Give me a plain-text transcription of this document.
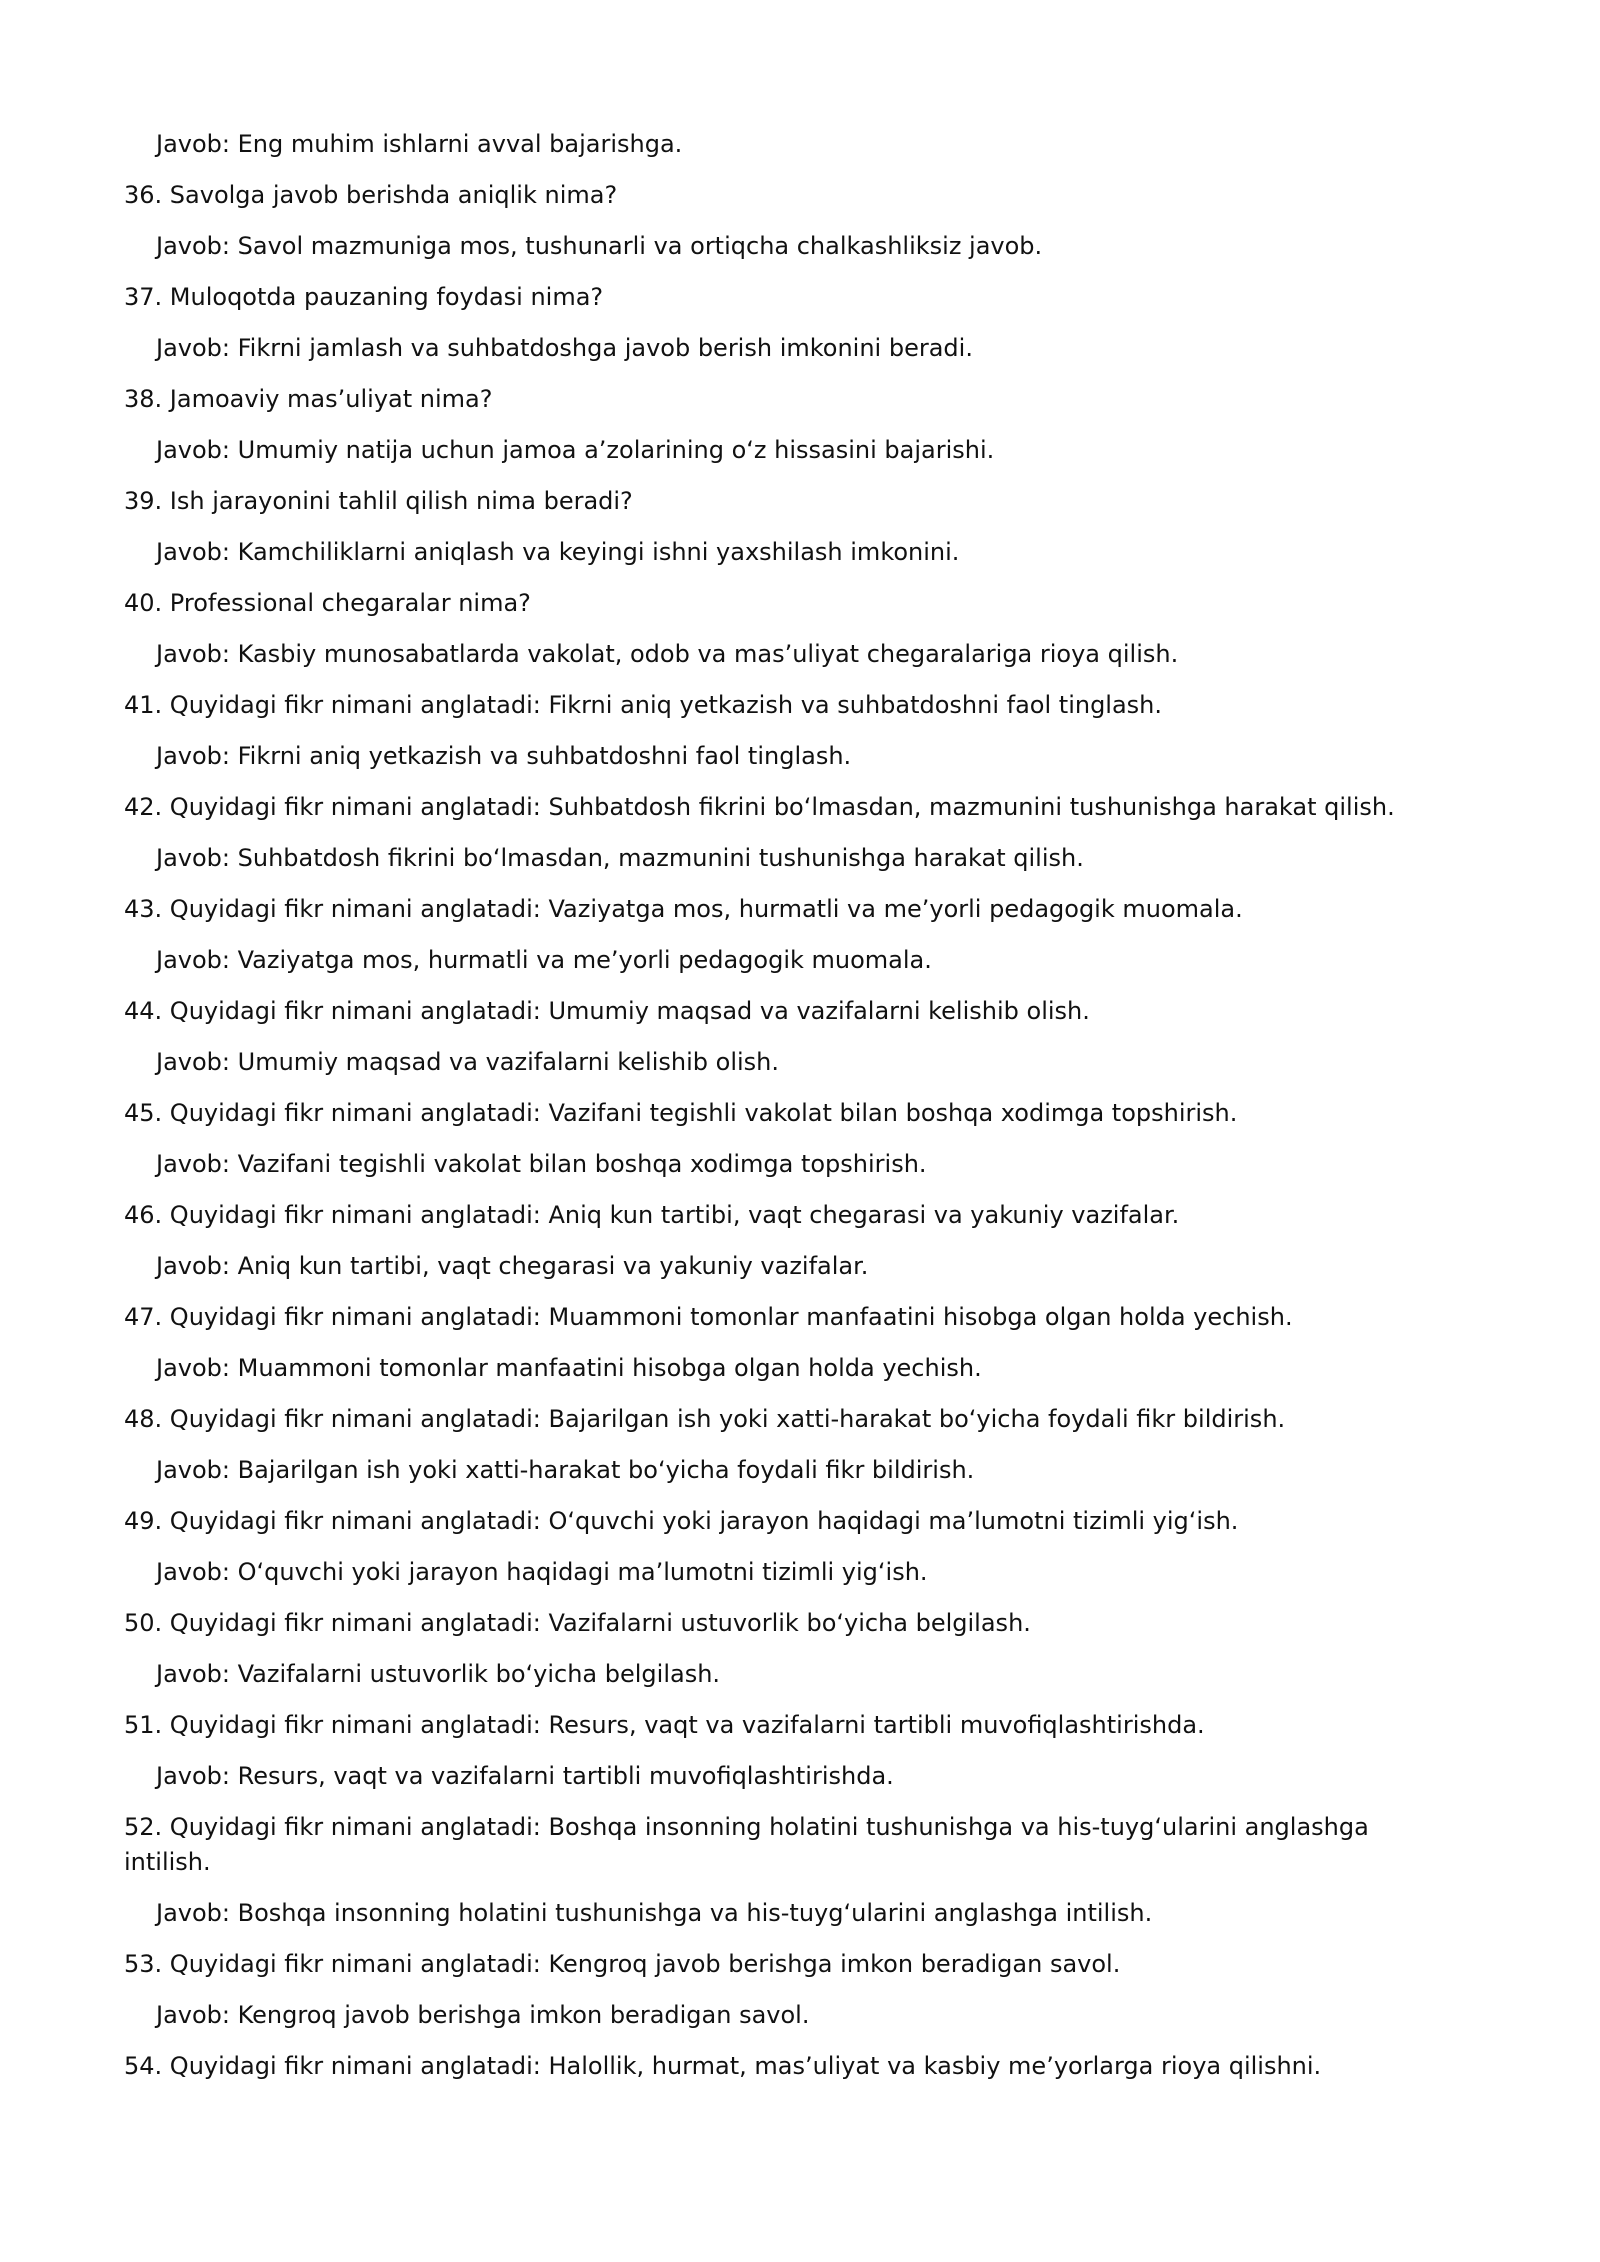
Javob: Eng muhim ishlarni avval bajarishga.
36. Savolga javob berishda aniqlik nima?
Javob: Savol mazmuniga mos, tushunarli va ortiqcha chalkashliksiz javob.
37. Muloqotda pauzaning foydasi nima?
Javob: Fikrni jamlash va suhbatdoshga javob berish imkonini beradi.
38. Jamoaviy mas’uliyat nima?
Javob: Umumiy natija uchun jamoa a’zolarining o‘z hissasini bajarishi.
39. Ish jarayonini tahlil qilish nima beradi?
Javob: Kamchiliklarni aniqlash va keyingi ishni yaxshilash imkonini.
40. Professional chegaralar nima?
Javob: Kasbiy munosabatlarda vakolat, odob va mas’uliyat chegaralariga rioya qilish.
41. Quyidagi fikr nimani anglatadi: Fikrni aniq yetkazish va suhbatdoshni faol tinglash.
Javob: Fikrni aniq yetkazish va suhbatdoshni faol tinglash.
42. Quyidagi fikr nimani anglatadi: Suhbatdosh fikrini bo‘lmasdan, mazmunini tushunishga harakat qilish.
Javob: Suhbatdosh fikrini bo‘lmasdan, mazmunini tushunishga harakat qilish.
43. Quyidagi fikr nimani anglatadi: Vaziyatga mos, hurmatli va me’yorli pedagogik muomala.
Javob: Vaziyatga mos, hurmatli va me’yorli pedagogik muomala.
44. Quyidagi fikr nimani anglatadi: Umumiy maqsad va vazifalarni kelishib olish.
Javob: Umumiy maqsad va vazifalarni kelishib olish.
45. Quyidagi fikr nimani anglatadi: Vazifani tegishli vakolat bilan boshqa xodimga topshirish.
Javob: Vazifani tegishli vakolat bilan boshqa xodimga topshirish.
46. Quyidagi fikr nimani anglatadi: Aniq kun tartibi, vaqt chegarasi va yakuniy vazifalar.
Javob: Aniq kun tartibi, vaqt chegarasi va yakuniy vazifalar.
47. Quyidagi fikr nimani anglatadi: Muammoni tomonlar manfaatini hisobga olgan holda yechish.
Javob: Muammoni tomonlar manfaatini hisobga olgan holda yechish.
48. Quyidagi fikr nimani anglatadi: Bajarilgan ish yoki xatti-harakat bo‘yicha foydali fikr bildirish.
Javob: Bajarilgan ish yoki xatti-harakat bo‘yicha foydali fikr bildirish.
49. Quyidagi fikr nimani anglatadi: O‘quvchi yoki jarayon haqidagi ma’lumotni tizimli yig‘ish.
Javob: O‘quvchi yoki jarayon haqidagi ma’lumotni tizimli yig‘ish.
50. Quyidagi fikr nimani anglatadi: Vazifalarni ustuvorlik bo‘yicha belgilash.
Javob: Vazifalarni ustuvorlik bo‘yicha belgilash.
51. Quyidagi fikr nimani anglatadi: Resurs, vaqt va vazifalarni tartibli muvofiqlashtirishda.
Javob: Resurs, vaqt va vazifalarni tartibli muvofiqlashtirishda.
52. Quyidagi fikr nimani anglatadi: Boshqa insonning holatini tushunishga va his-tuyg‘ularini anglashga intilish.
Javob: Boshqa insonning holatini tushunishga va his-tuyg‘ularini anglashga intilish.
53. Quyidagi fikr nimani anglatadi: Kengroq javob berishga imkon beradigan savol.
Javob: Kengroq javob berishga imkon beradigan savol.
54. Quyidagi fikr nimani anglatadi: Halollik, hurmat, mas’uliyat va kasbiy me’yorlarga rioya qilishni.
